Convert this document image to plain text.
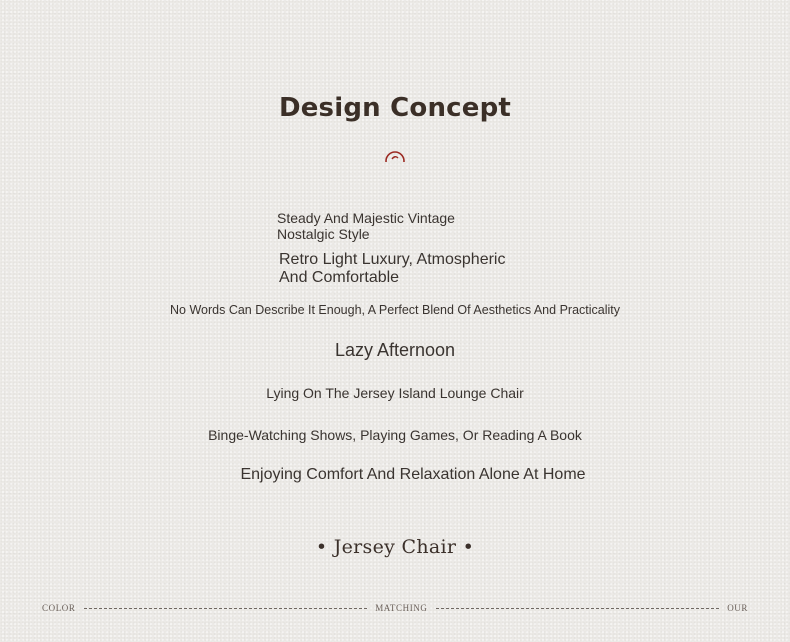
Design Concept
Steady And Majestic Vintage
Nostalgic Style
Retro Light Luxury, Atmospheric
And Comfortable
No Words Can Describe It Enough, A Perfect Blend Of Aesthetics And Practicality
Lazy Afternoon
Lying On The Jersey Island Lounge Chair
Binge-Watching Shows, Playing Games, Or Reading A Book
Enjoying Comfort And Relaxation Alone At Home
• Jersey Chair •
COLOR	MATCHING	OUR
